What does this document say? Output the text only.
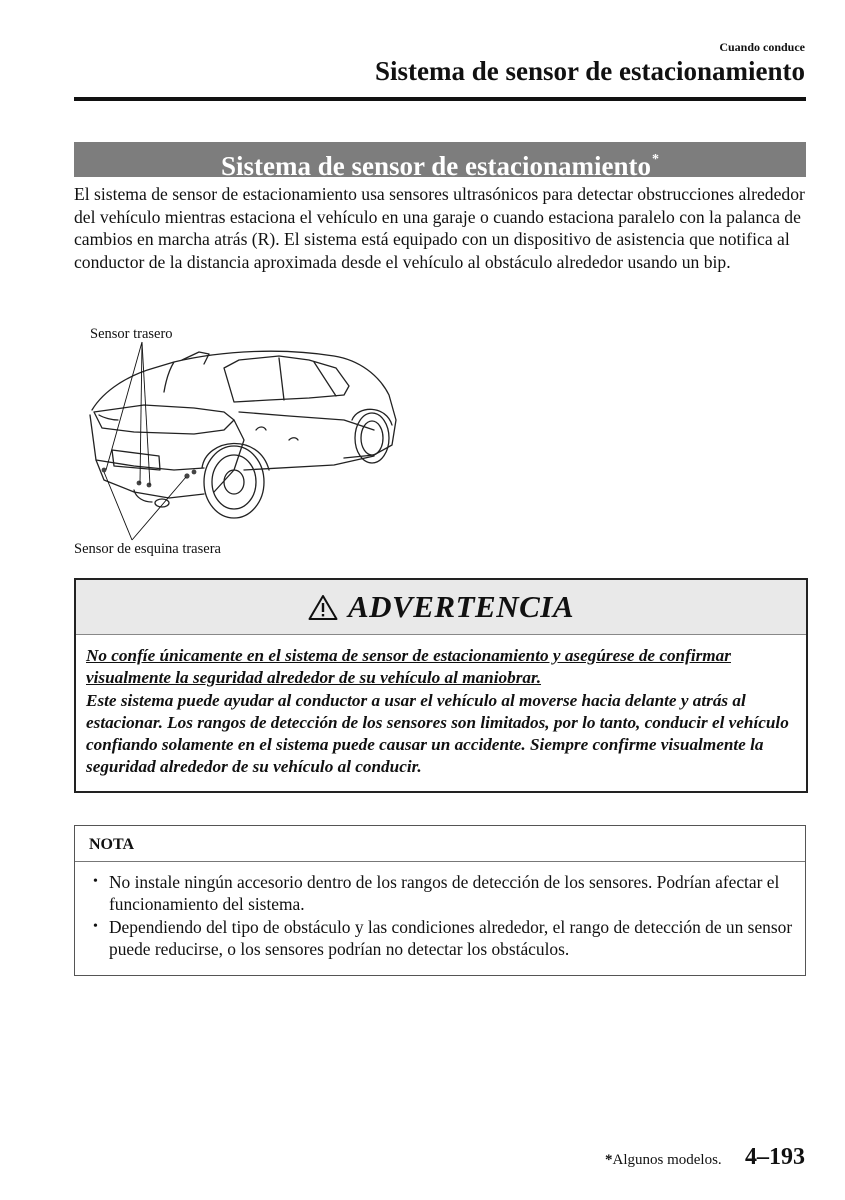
Cuando conduce
Sistema de sensor de estacionamiento
Sistema de sensor de estacionamiento*

El sistema de sensor de estacionamiento usa sensores ultrasónicos para detectar obstrucciones alrededor del vehículo mientras estaciona el vehículo en una garaje o cuando estaciona paralelo con la palanca de cambios en marcha atrás (R). El sistema está equipado con un dispositivo de asistencia que notifica al conductor de la distancia aproximada desde el vehículo al obstáculo alrededor usando un bip.

Sensor trasero
Sensor de esquina trasera
ADVERTENCIA

No confíe únicamente en el sistema de sensor de estacionamiento y asegúrese de confirmar visualmente la seguridad alrededor de su vehículo al maniobrar.

Este sistema puede ayudar al conductor a usar el vehículo al moverse hacia delante y atrás al estacionar. Los rangos de detección de los sensores son limitados, por lo tanto, conducir el vehículo confiando solamente en el sistema puede causar un accidente. Siempre confirme visualmente la seguridad alrededor de su vehículo al conducir.

NOTA
• No instale ningún accesorio dentro de los rangos de detección de los sensores. Podrían afectar el funcionamiento del sistema.
• Dependiendo del tipo de obstáculo y las condiciones alrededor, el rango de detección de un sensor puede reducirse, o los sensores podrían no detectar los obstáculos.
*Algunos modelos. 4–193
